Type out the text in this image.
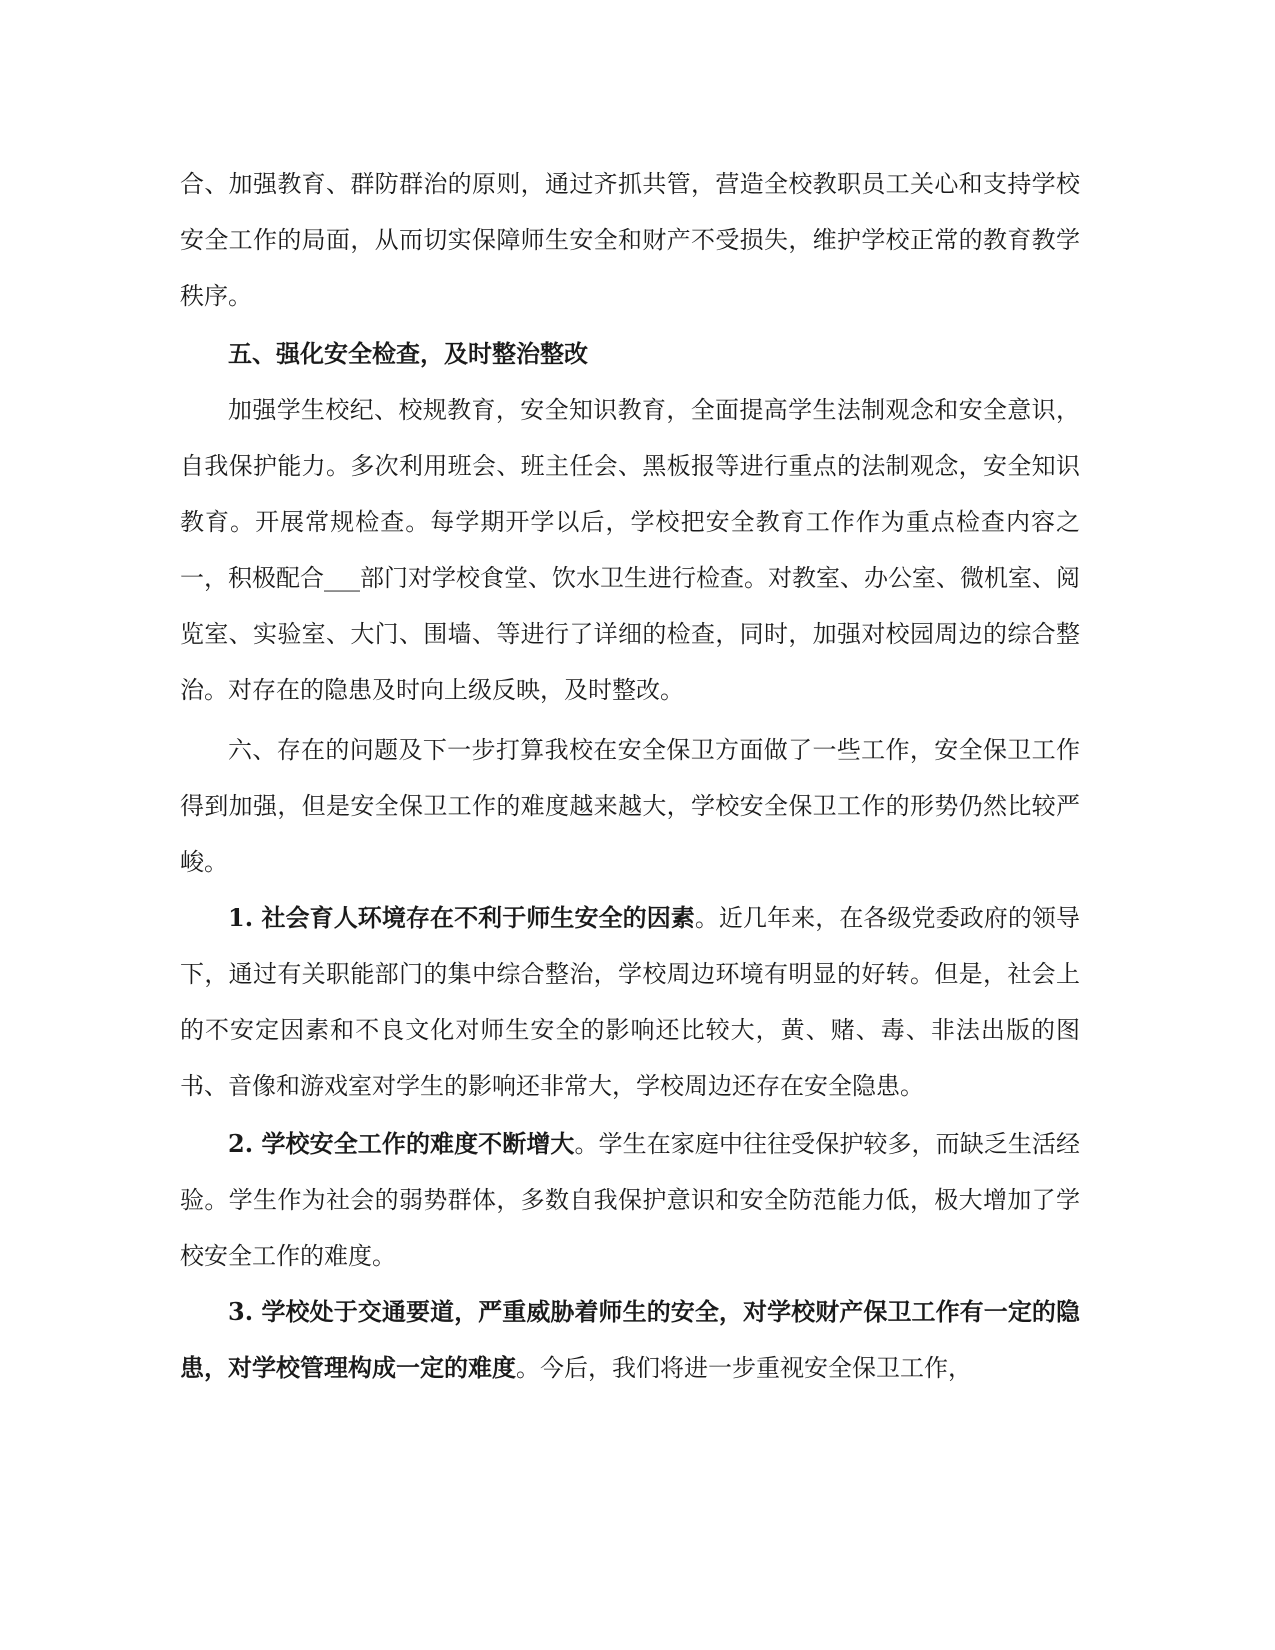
合、加强教育、群防群治的原则，通过齐抓共管，营造全校教职员工关心和支持学校安全工作的局面，从而切实保障师生安全和财产不受损失，维护学校正常的教育教学秩序。

五、强化安全检查，及时整治整改

加强学生校纪、校规教育，安全知识教育，全面提高学生法制观念和安全意识，自我保护能力。多次利用班会、班主任会、黑板报等进行重点的法制观念，安全知识教育。开展常规检查。每学期开学以后，学校把安全教育工作作为重点检查内容之一，积极配合___部门对学校食堂、饮水卫生进行检查。对教室、办公室、微机室、阅览室、实验室、大门、围墙、等进行了详细的检查，同时，加强对校园周边的综合整治。对存在的隐患及时向上级反映，及时整改。

六、存在的问题及下一步打算我校在安全保卫方面做了一些工作，安全保卫工作得到加强，但是安全保卫工作的难度越来越大，学校安全保卫工作的形势仍然比较严峻。

1. 社会育人环境存在不利于师生安全的因素。近几年来，在各级党委政府的领导下，通过有关职能部门的集中综合整治，学校周边环境有明显的好转。但是，社会上的不安定因素和不良文化对师生安全的影响还比较大，黄、赌、毒、非法出版的图书、音像和游戏室对学生的影响还非常大，学校周边还存在安全隐患。

2. 学校安全工作的难度不断增大。学生在家庭中往往受保护较多，而缺乏生活经验。学生作为社会的弱势群体，多数自我保护意识和安全防范能力低，极大增加了学校安全工作的难度。

3. 学校处于交通要道，严重威胁着师生的安全，对学校财产保卫工作有一定的隐患，对学校管理构成一定的难度。今后，我们将进一步重视安全保卫工作，
